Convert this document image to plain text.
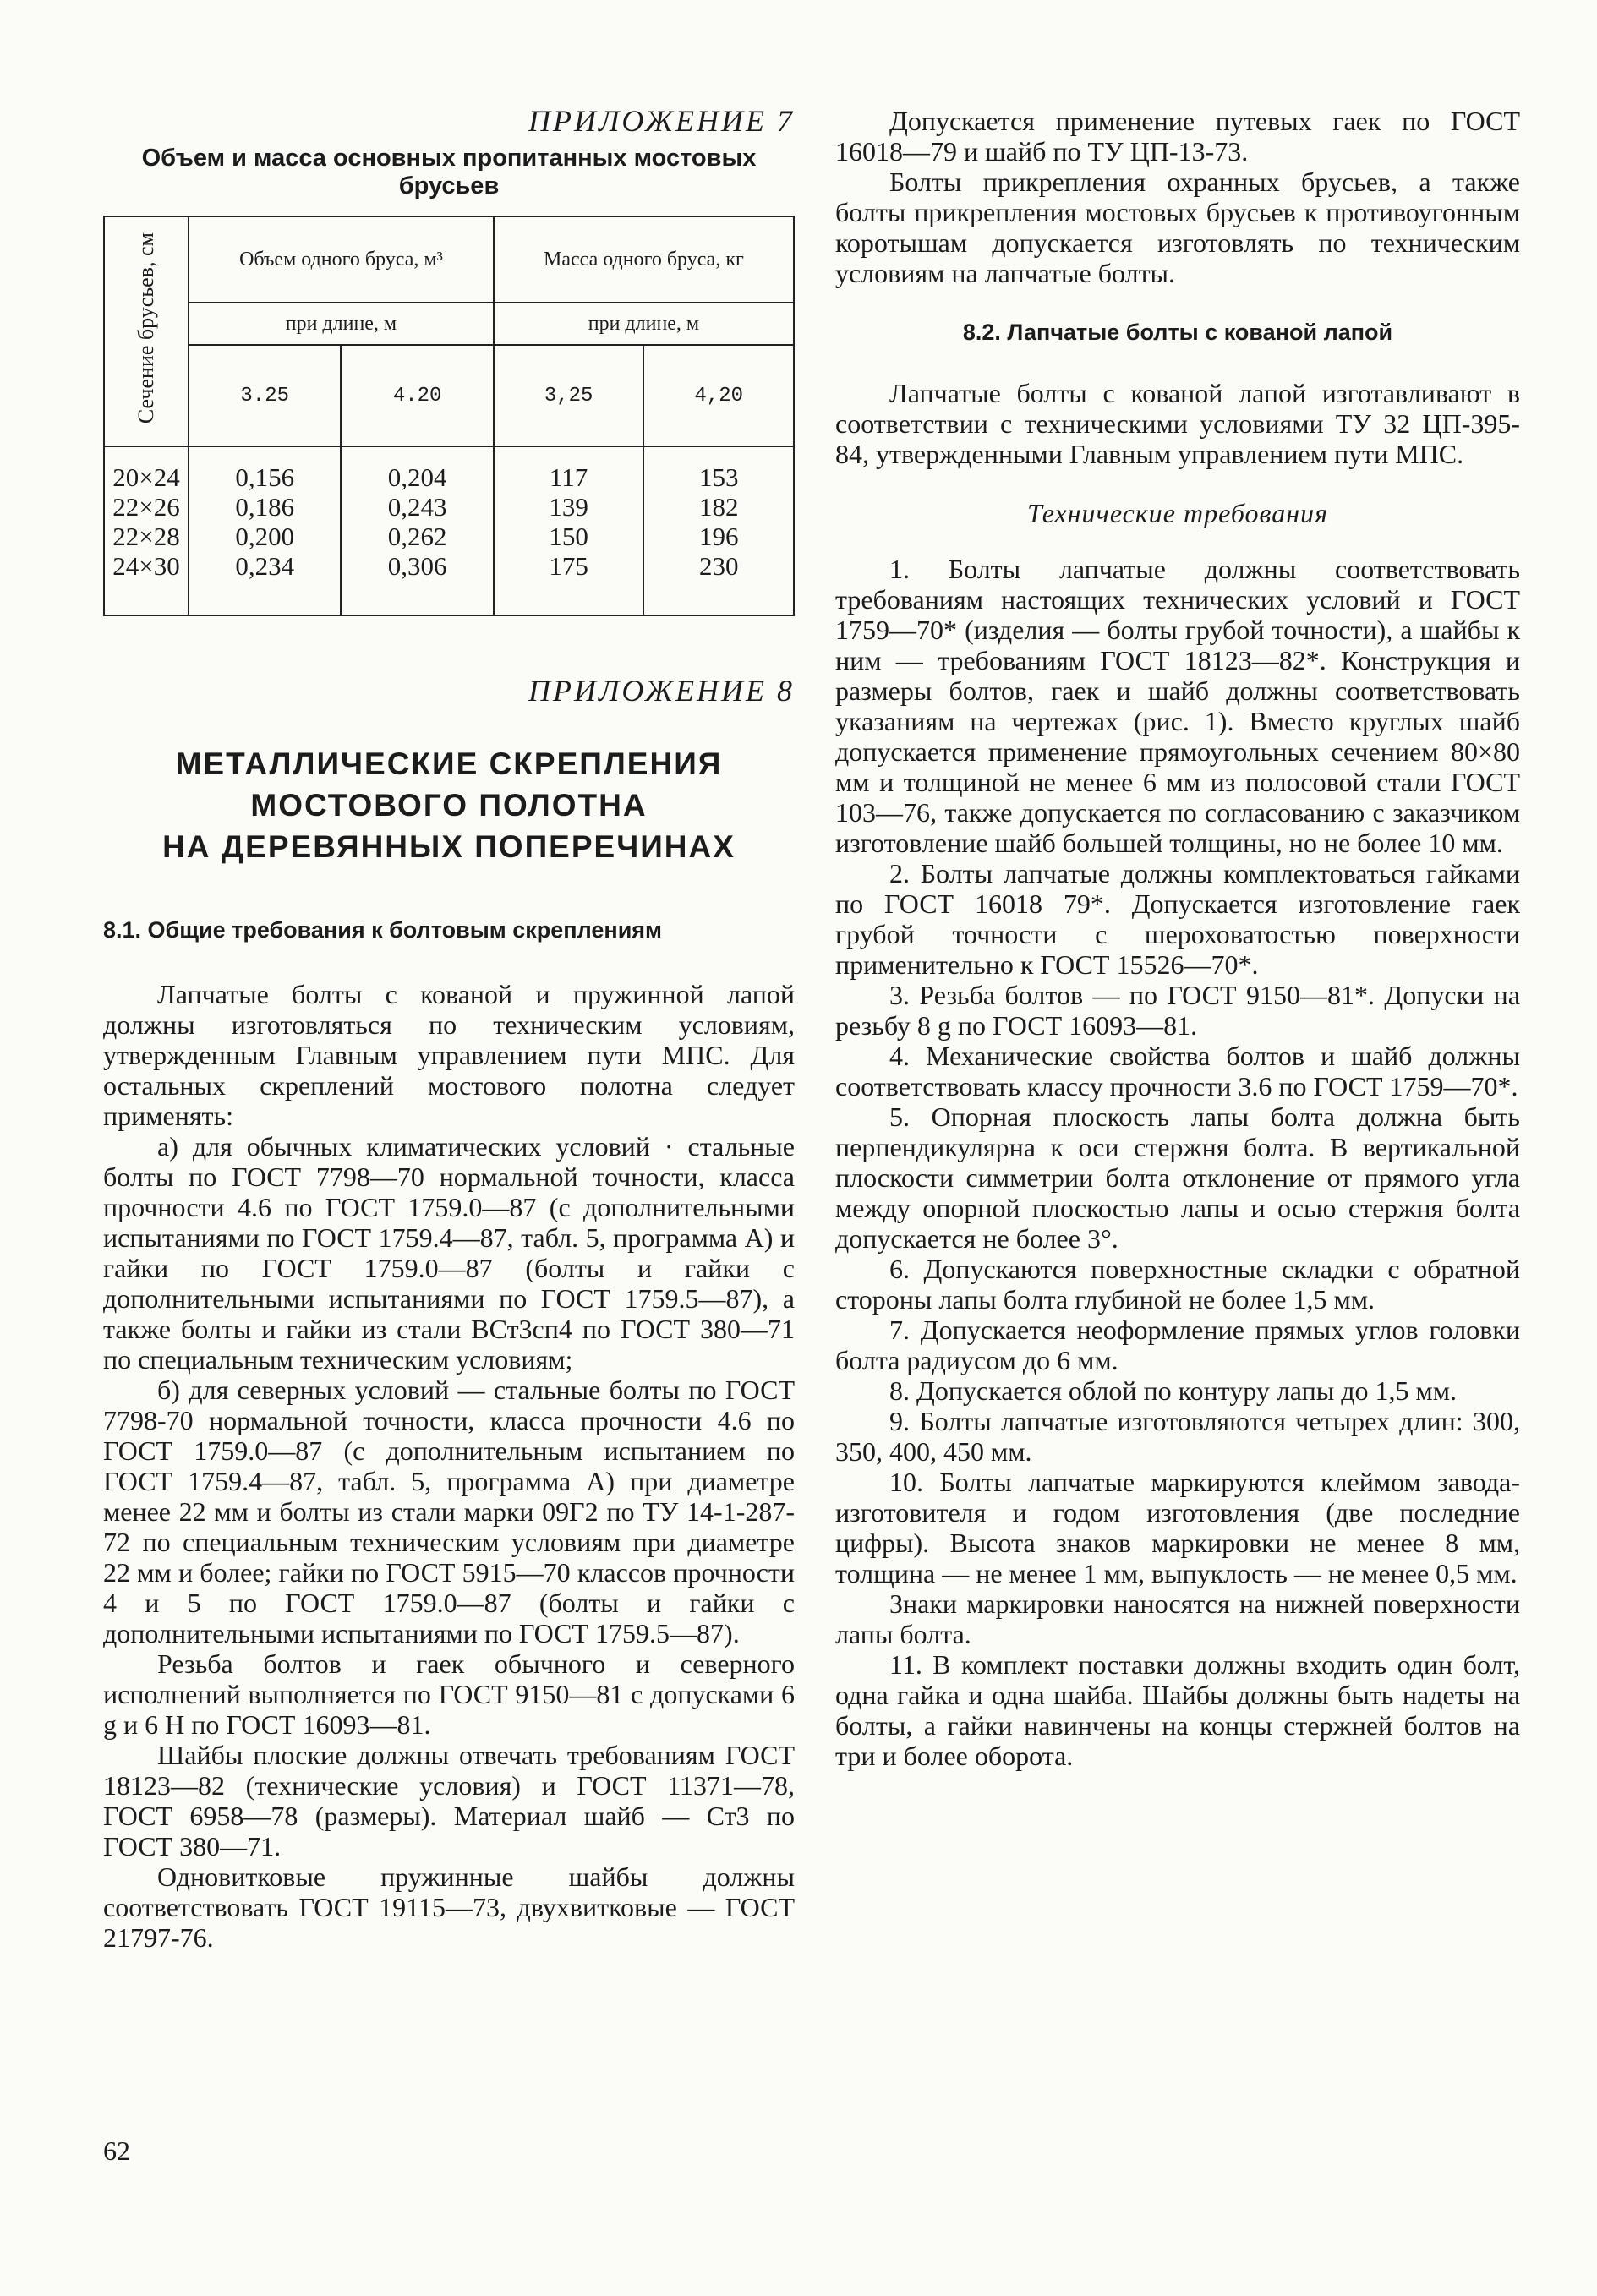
ПРИЛОЖЕНИЕ 7
Объем и масса основных пропитанных мостовых брусьев
Сечение брусьев, см	Объем одного бруса, м³		Масса одного бруса, кг	
	при длине, м		при длине, м	
	3.25	4.20	3,25	4,20
20×24	0,156	0,204	117	153
22×26	0,186	0,243	139	182
22×28	0,200	0,262	150	196
24×30	0,234	0,306	175	230
ПРИЛОЖЕНИЕ 8
МЕТАЛЛИЧЕСКИЕ СКРЕПЛЕНИЯ
МОСТОВОГО ПОЛОТНА
НА ДЕРЕВЯННЫХ ПОПЕРЕЧИНАХ
8.1. Общие требования к болтовым скреплениям

Лапчатые болты с кованой и пружинной лапой должны изготовляться по техническим условиям, утвержденным Главным управлением пути МПС. Для остальных скреплений мостового полотна следует применять:

а) для обычных климатических условий · стальные болты по ГОСТ 7798—70 нормальной точности, класса прочности 4.6 по ГОСТ 1759.0—87 (с дополнительными испытаниями по ГОСТ 1759.4—87, табл. 5, программа А) и гайки по ГОСТ 1759.0—87 (болты и гайки с дополнительными испытаниями по ГОСТ 1759.5—87), а также болты и гайки из стали ВСт3сп4 по ГОСТ 380—71 по специальным техническим условиям;

б) для северных условий — стальные болты по ГОСТ 7798-70 нормальной точности, класса прочности 4.6 по ГОСТ 1759.0—87 (с дополнительным испытанием по ГОСТ 1759.4—87, табл. 5, программа А) при диаметре менее 22 мм и болты из стали марки 09Г2 по ТУ 14-1-287-72 по специальным техническим условиям при диаметре 22 мм и более; гайки по ГОСТ 5915—70 классов прочности 4 и 5 по ГОСТ 1759.0—87 (болты и гайки с дополнительными испытаниями по ГОСТ 1759.5—87).

Резьба болтов и гаек обычного и северного исполнений выполняется по ГОСТ 9150—81 с допусками 6 g и 6 H по ГОСТ 16093—81.

Шайбы плоские должны отвечать требованиям ГОСТ 18123—82 (технические условия) и ГОСТ 11371—78, ГОСТ 6958—78 (размеры). Материал шайб — Ст3 по ГОСТ 380—71.

Одновитковые пружинные шайбы должны соответствовать ГОСТ 19115—73, двухвитковые — ГОСТ 21797-76.

Допускается применение путевых гаек по ГОСТ 16018—79 и шайб по ТУ ЦП-13-73.

Болты прикрепления охранных брусьев, а также болты прикрепления мостовых брусьев к противоугонным коротышам допускается изготовлять по техническим условиям на лапчатые болты.

8.2. Лапчатые болты с кованой лапой

Лапчатые болты с кованой лапой изготавливают в соответствии с техническими условиями ТУ 32 ЦП-395-84, утвержденными Главным управлением пути МПС.

Технические требования
1. Болты лапчатые должны соответствовать требованиям настоящих технических условий и ГОСТ 1759—70* (изделия — болты грубой точности), а шайбы к ним — требованиям ГОСТ 18123—82*. Конструкция и размеры болтов, гаек и шайб должны соответствовать указаниям на чертежах (рис. 1). Вместо круглых шайб допускается применение прямоугольных сечением 80×80 мм и толщиной не менее 6 мм из полосовой стали ГОСТ 103—76, также допускается по согласованию с заказчиком изготовление шайб большей толщины, но не более 10 мм.
2. Болты лапчатые должны комплектоваться гайками по ГОСТ 16018 79*. Допускается изготовление гаек грубой точности с шероховатостью поверхности применительно к ГОСТ 15526—70*.
3. Резьба болтов — по ГОСТ 9150—81*. Допуски на резьбу 8 g по ГОСТ 16093—81.
4. Механические свойства болтов и шайб должны соответствовать классу прочности 3.6 по ГОСТ 1759—70*.
5. Опорная плоскость лапы болта должна быть перпендикулярна к оси стержня болта. В вертикальной плоскости симметрии болта отклонение от прямого угла между опорной плоскостью лапы и осью стержня болта допускается не более 3°.
6. Допускаются поверхностные складки с обратной стороны лапы болта глубиной не более 1,5 мм.
7. Допускается неоформление прямых углов головки болта радиусом до 6 мм.
8. Допускается облой по контуру лапы до 1,5 мм.
9. Болты лапчатые изготовляются четырех длин: 300, 350, 400, 450 мм.
10. Болты лапчатые маркируются клеймом завода-изготовителя и годом изготовления (две последние цифры). Высота знаков маркировки не менее 8 мм, толщина — не менее 1 мм, выпуклость — не менее 0,5 мм.
Знаки маркировки наносятся на нижней поверхности лапы болта.
11. В комплект поставки должны входить один болт, одна гайка и одна шайба. Шайбы должны быть надеты на болты, а гайки навинчены на концы стержней болтов на три и более оборота.
62
